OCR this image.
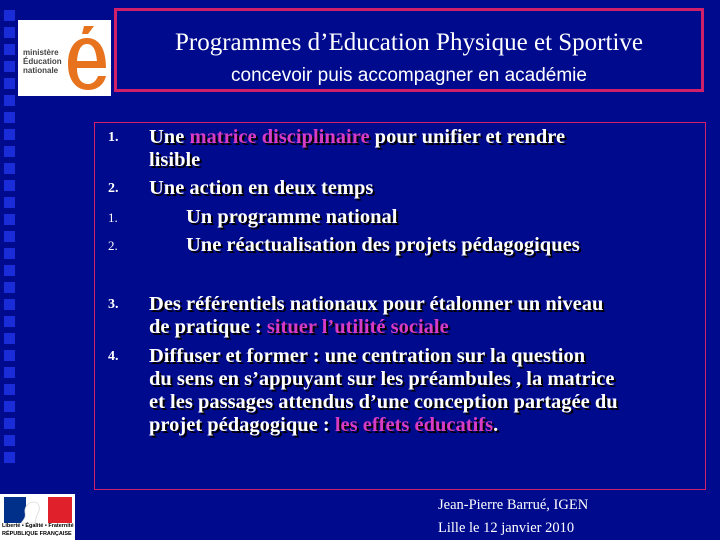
ministère
Éducation
nationale
Programmes d’Education Physique et Sportive
concevoir puis accompagner en académie
1. Une matrice disciplinaire pour unifier et rendre
lisible
2. Une action en deux temps
1.	Un programme national
2.	Une réactualisation des projets pédagogiques
3. Des référentiels nationaux pour étalonner un niveau
de pratique : situer l’utilité sociale
4. Diffuser et former : une centration sur la question
du sens en s’appuyant sur les préambules , la matrice
et les passages attendus d’une conception partagée du
projet pédagogique : les effets éducatifs.
Liberté • Égalité • Fraternité
RÉPUBLIQUE FRANÇAISE
Jean-Pierre Barrué, IGEN
Lille le 12 janvier 2010
